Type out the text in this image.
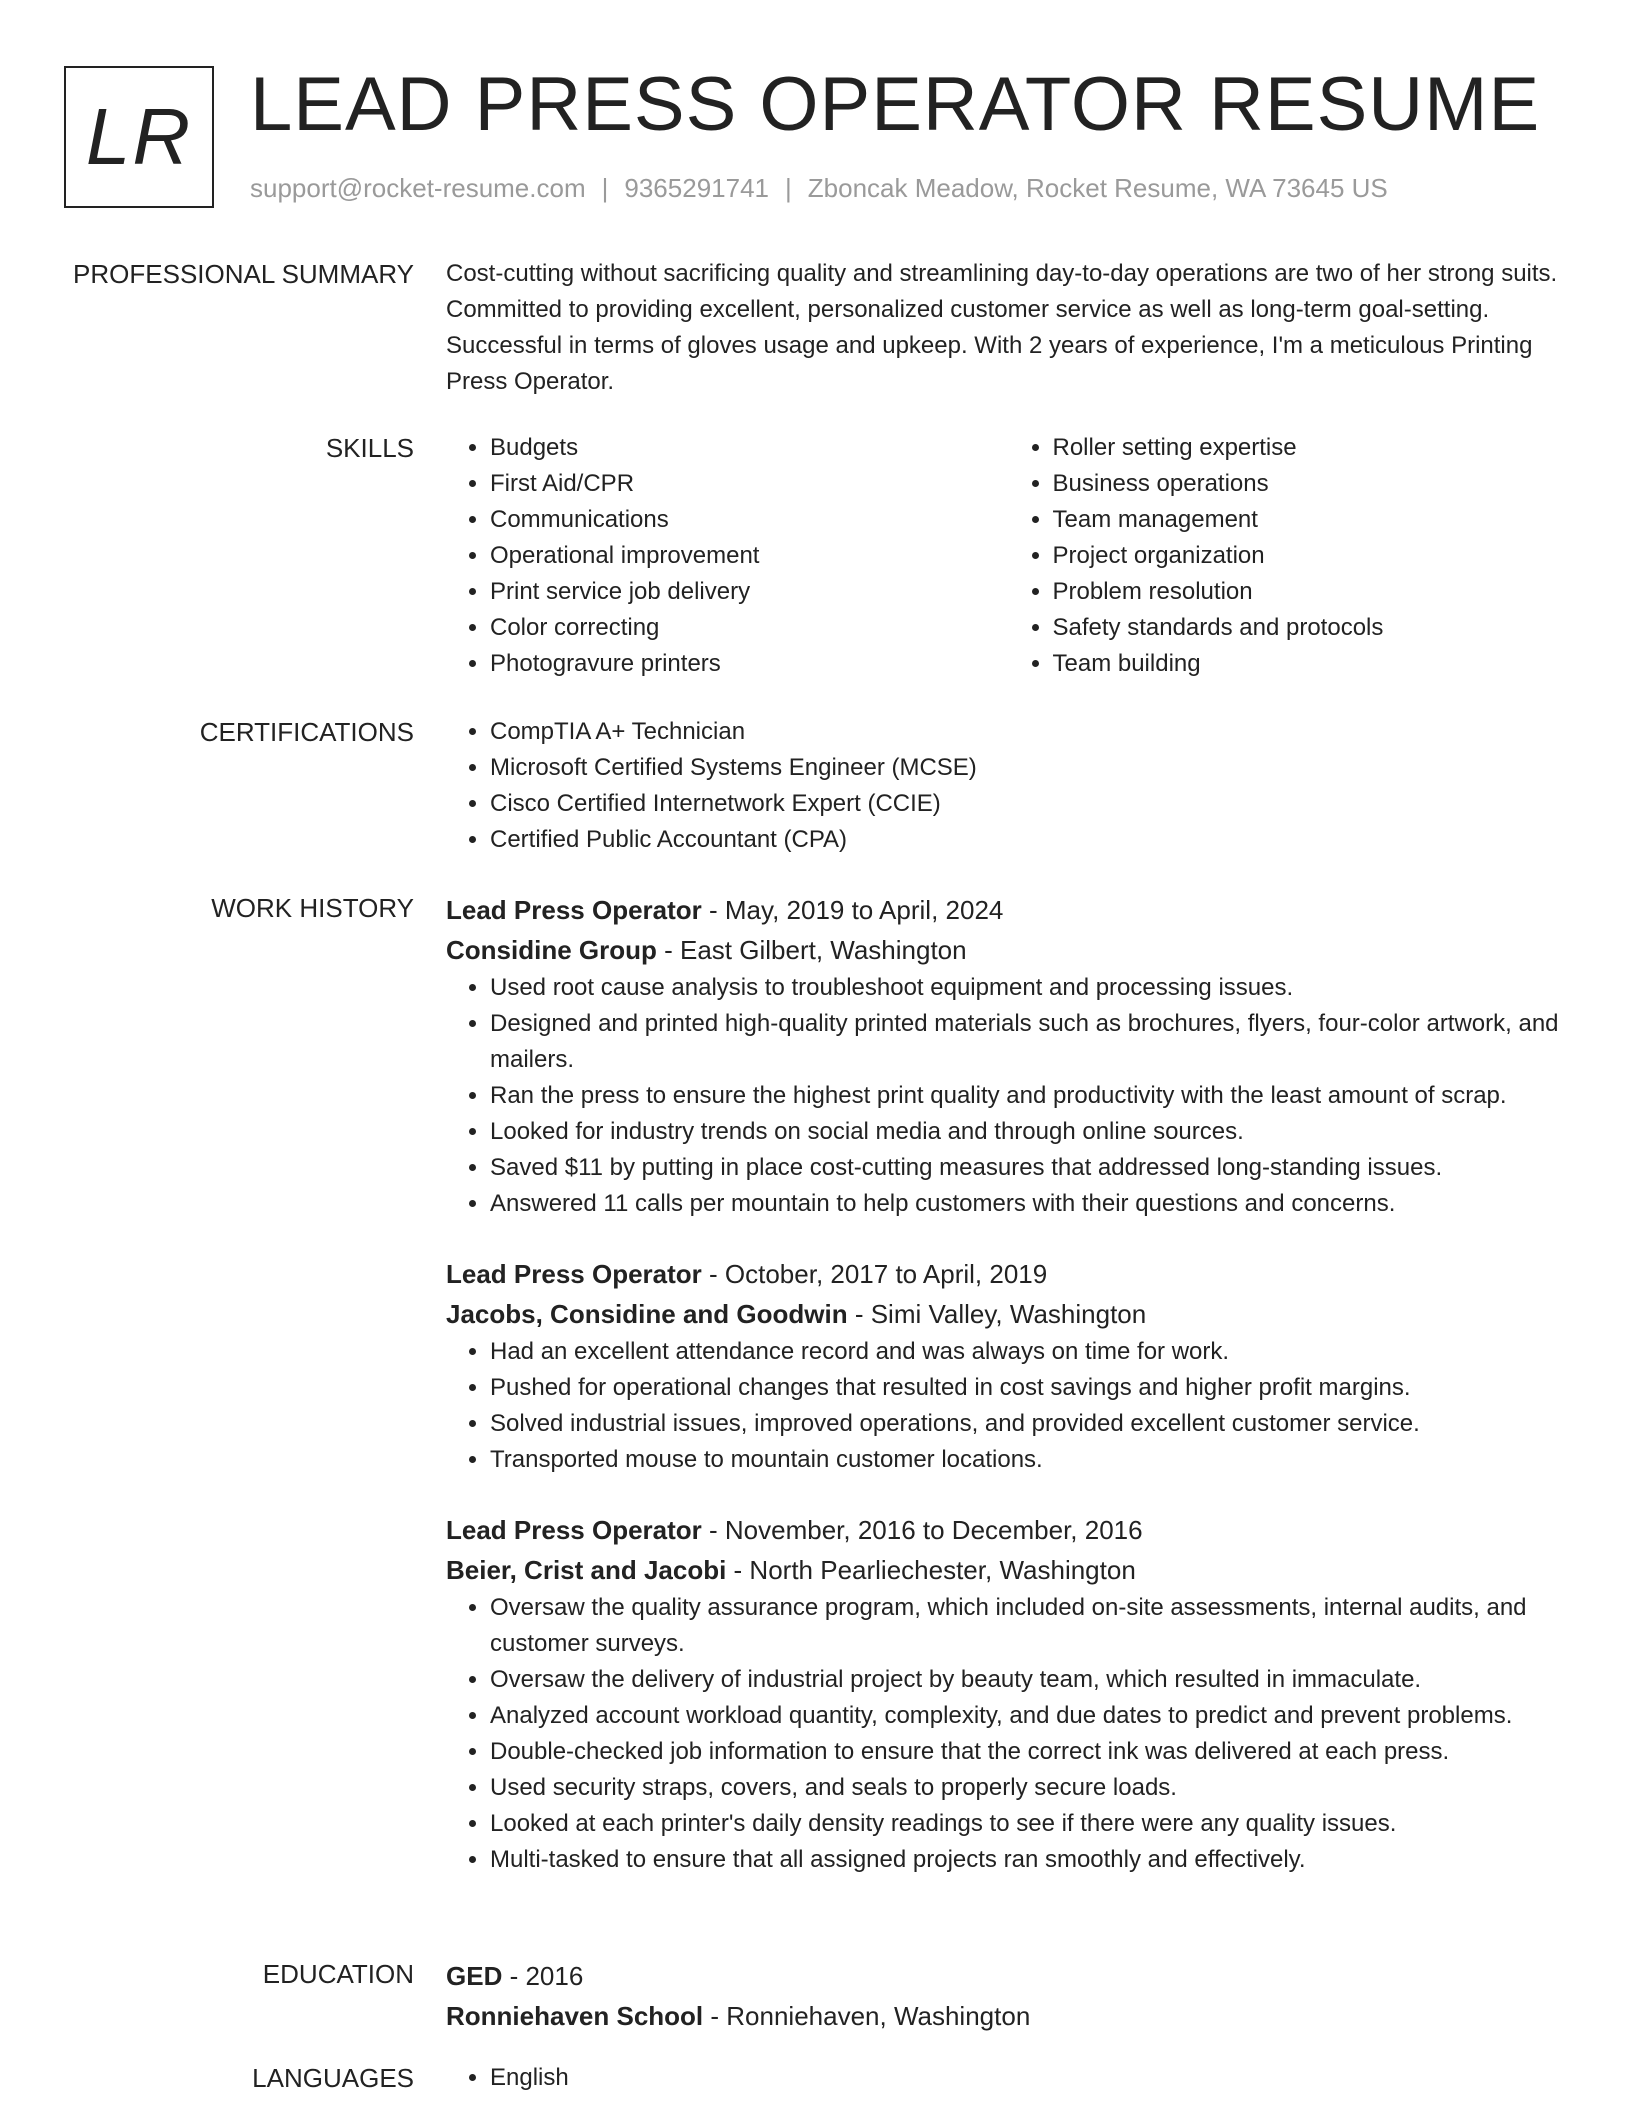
LR LEAD PRESS OPERATOR RESUME
support@rocket-resume.com | 9365291741 | Zboncak Meadow, Rocket Resume, WA 73645 US
PROFESSIONAL SUMMARY Cost-cutting without sacrificing quality and streamlining day-to-day operations are two of her strong suits. Committed to providing excellent, personalized customer service as well as long-term goal-setting. Successful in terms of gloves usage and upkeep. With 2 years of experience, I'm a meticulous Printing Press Operator.

SKILLS	• Budgets
• First Aid/CPR
• Communications
• Operational improvement
• Print service job delivery
• Color correcting
• Photogravure printers
• Roller setting expertise
• Business operations
• Team management
• Project organization
• Problem resolution
• Safety standards and protocols
• Team building
CERTIFICATIONS	• CompTIA A+ Technician
• Microsoft Certified Systems Engineer (MCSE)
• Cisco Certified Internetwork Expert (CCIE)
• Certified Public Accountant (CPA)
WORK HISTORY Lead Press Operator - May, 2019 to April, 2024
Considine Group - East Gilbert, Washington
• Used root cause analysis to troubleshoot equipment and processing issues.
• Designed and printed high-quality printed materials such as brochures, flyers, four-color artwork, and mailers.
• Ran the press to ensure the highest print quality and productivity with the least amount of scrap.
• Looked for industry trends on social media and through online sources.
• Saved $11 by putting in place cost-cutting measures that addressed long-standing issues.
• Answered 11 calls per mountain to help customers with their questions and concerns.
Lead Press Operator - October, 2017 to April, 2019
Jacobs, Considine and Goodwin - Simi Valley, Washington
• Had an excellent attendance record and was always on time for work.
• Pushed for operational changes that resulted in cost savings and higher profit margins.
• Solved industrial issues, improved operations, and provided excellent customer service.
• Transported mouse to mountain customer locations.
Lead Press Operator - November, 2016 to December, 2016
Beier, Crist and Jacobi - North Pearliechester, Washington
• Oversaw the quality assurance program, which included on-site assessments, internal audits, and customer surveys.
• Oversaw the delivery of industrial project by beauty team, which resulted in immaculate.
• Analyzed account workload quantity, complexity, and due dates to predict and prevent problems.
• Double-checked job information to ensure that the correct ink was delivered at each press.
• Used security straps, covers, and seals to properly secure loads.
• Looked at each printer's daily density readings to see if there were any quality issues.
• Multi-tasked to ensure that all assigned projects ran smoothly and effectively.
EDUCATION GED - 2016
Ronniehaven School - Ronniehaven, Washington
LANGUAGES	• English
